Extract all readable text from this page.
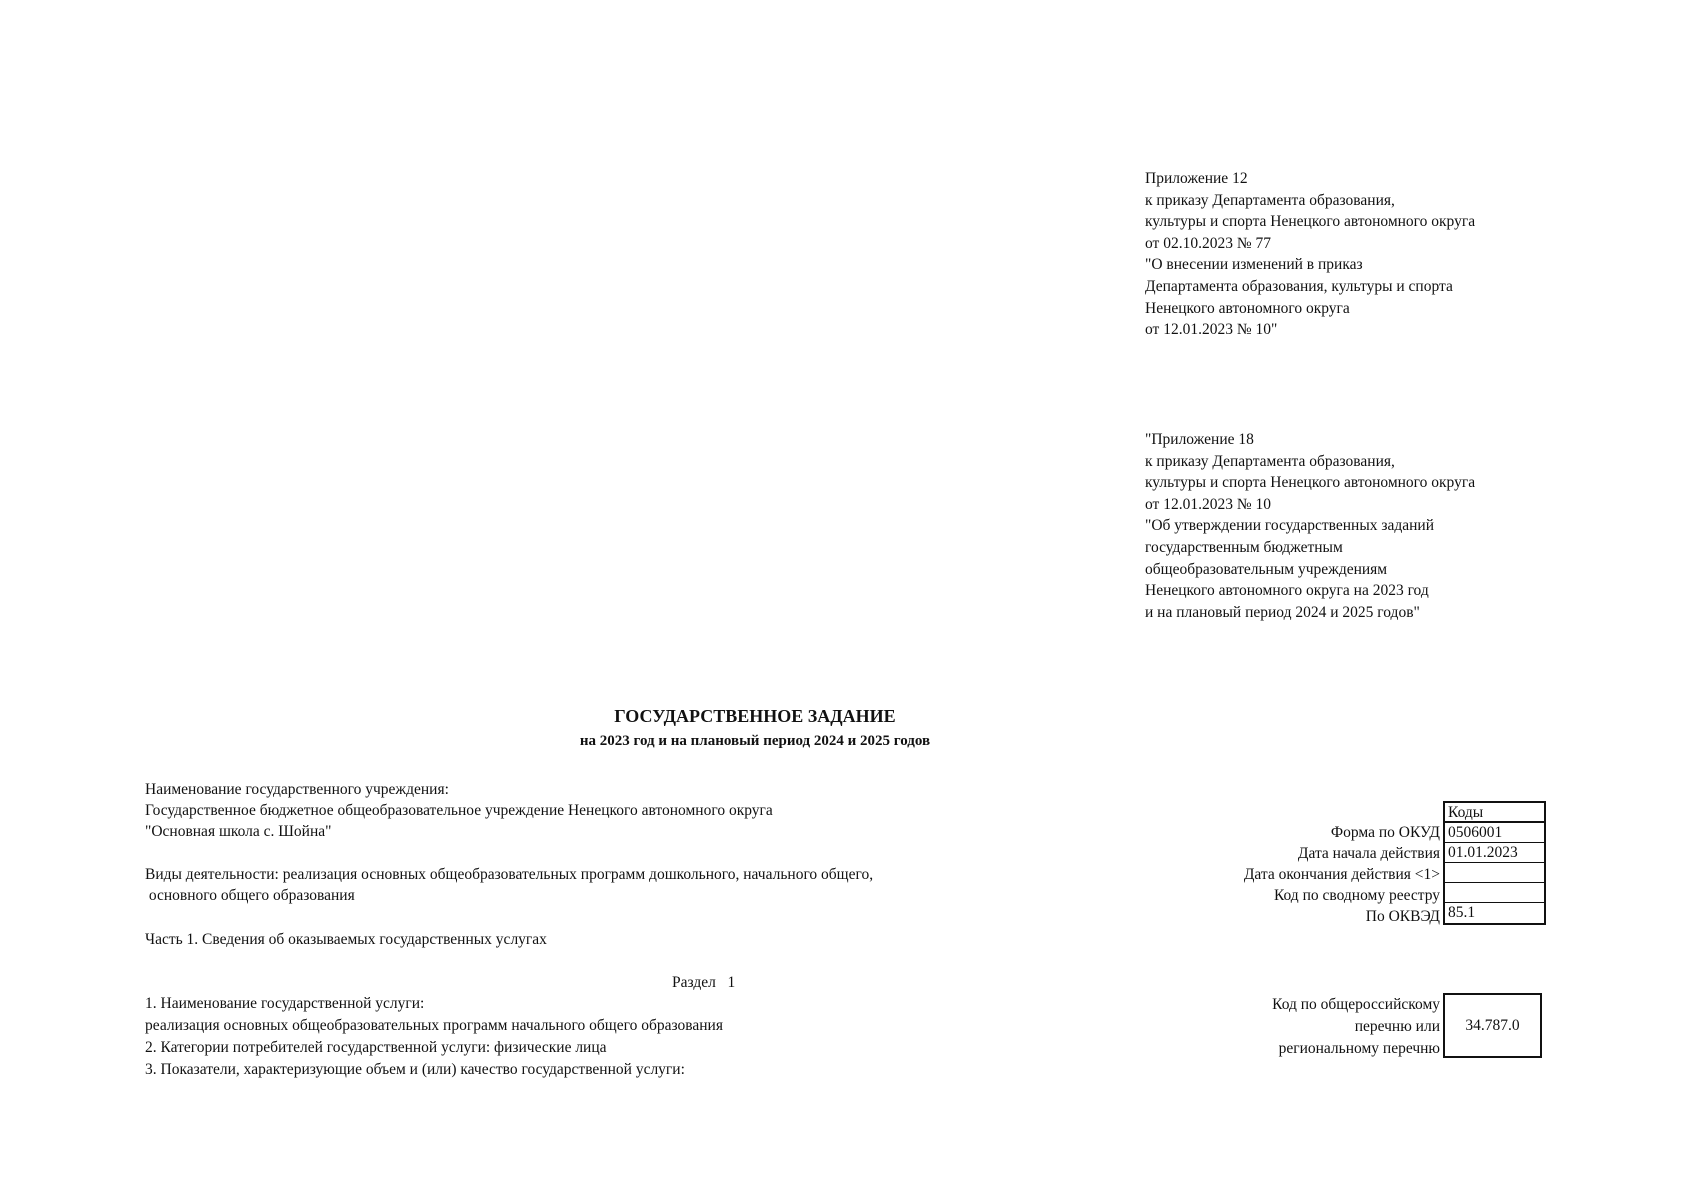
Приложение 12
к приказу Департамента образования,
культуры и спорта Ненецкого автономного округа
от 02.10.2023 № 77
"О внесении изменений в приказ
Департамента образования, культуры и спорта
Ненецкого автономного округа
от 12.01.2023 № 10"
"Приложение 18
к приказу Департамента образования,
культуры и спорта Ненецкого автономного округа
от 12.01.2023 № 10
"Об утверждении государственных заданий
государственным бюджетным
общеобразовательным учреждениям
Ненецкого автономного округа на 2023 год
и на плановый период 2024 и 2025 годов"
ГОСУДАРСТВЕННОЕ ЗАДАНИЕ
на 2023 год и на плановый период 2024 и 2025 годов
Наименование государственного учреждения:
Государственное бюджетное общеобразовательное учреждение Ненецкого автономного округа
"Основная школа с. Шойна"
Виды деятельности: реализация основных общеобразовательных программ дошкольного, начального общего,
основного общего образования
Часть 1. Сведения об оказываемых государственных услугах
Раздел   1
1. Наименование государственной услуги:
реализация основных общеобразовательных программ начального общего образования
2. Категории потребителей государственной услуги: физические лица
3. Показатели, характеризующие объем и (или) качество государственной услуги:
Форма по ОКУД
Дата начала действия
Дата окончания действия <1>
Код по сводному реестру
По ОКВЭД
Коды
0506001
01.01.2023
85.1
Код по общероссийскому
перечню или
региональному перечню
34.787.0
